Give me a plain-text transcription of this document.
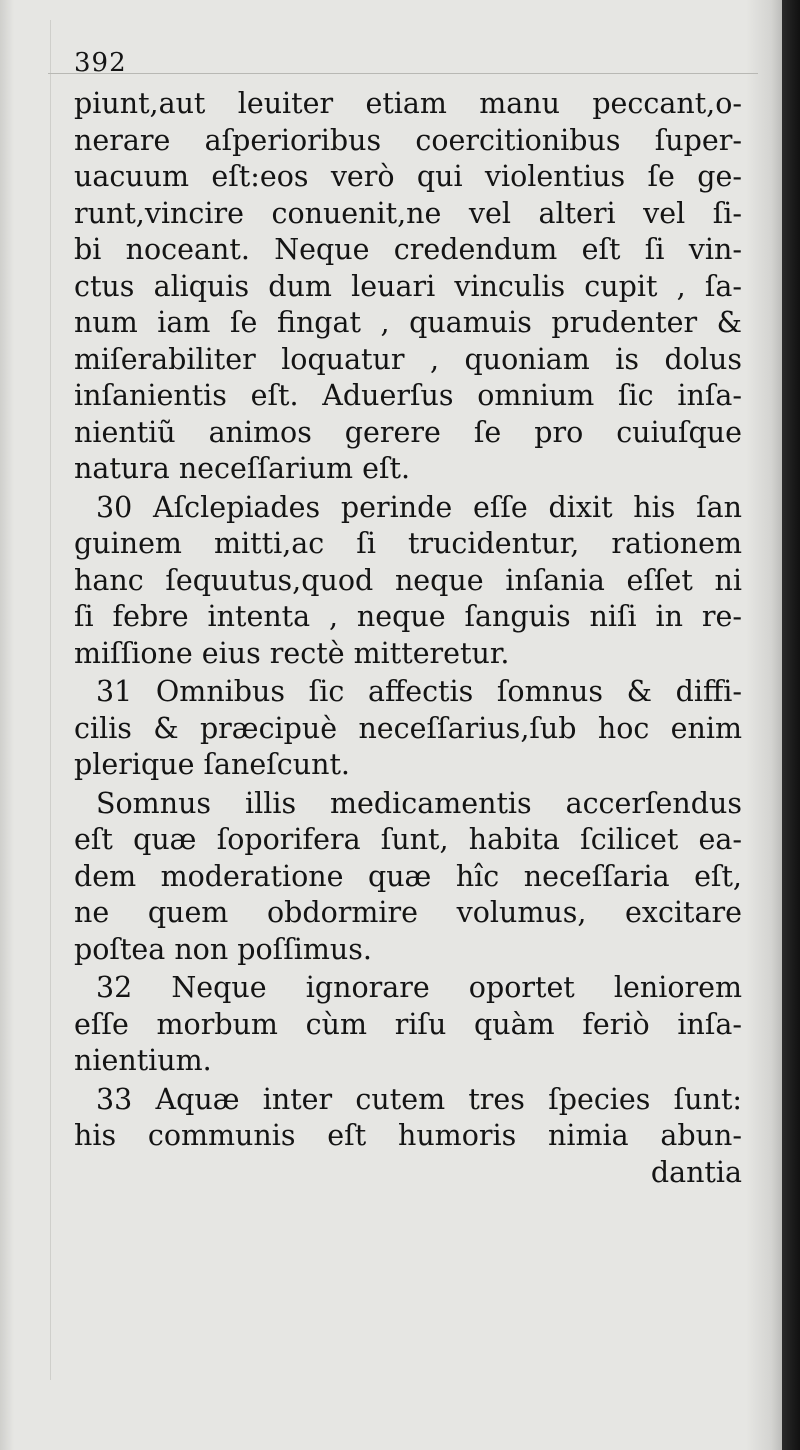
392
piunt,aut leuiter etiam manu peccant,o-
nerare aſperioribus coercitionibus ſuper-
uacuum eſt:eos verò qui violentius ſe ge-
runt,vincire conuenit,ne vel alteri vel ſi-
bi noceant. Neque credendum eſt ſi vin-
ctus aliquis dum leuari vinculis cupit , ſa-
num iam ſe fingat , quamuis prudenter &
miſerabiliter loquatur , quoniam is dolus
inſanientis eſt. Aduerſus omnium ſic inſa-
nientiũ animos gerere ſe pro cuiuſque
natura neceſſarium eſt.
30 Aſclepiades perinde eſſe dixit his ſan
guinem mitti,ac ſi trucidentur, rationem
hanc ſequutus,quod neque inſania eſſet ni
ſi febre intenta , neque ſanguis niſi in re-
miſſione eius rectè mitteretur.
31 Omnibus ſic affectis ſomnus & diffi-
cilis & præcipuè neceſſarius,ſub hoc enim
plerique ſaneſcunt.
Somnus illis medicamentis accerſendus
eſt quæ ſoporifera ſunt, habita ſcilicet ea-
dem moderatione quæ hîc neceſſaria eſt,
ne quem obdormire volumus, excitare
poſtea non poſſimus.
32 Neque ignorare oportet leniorem
eſſe morbum cùm riſu quàm feriò inſa-
nientium.
33 Aquæ inter cutem tres ſpecies ſunt:
his communis eſt humoris nimia abun-
dantia
